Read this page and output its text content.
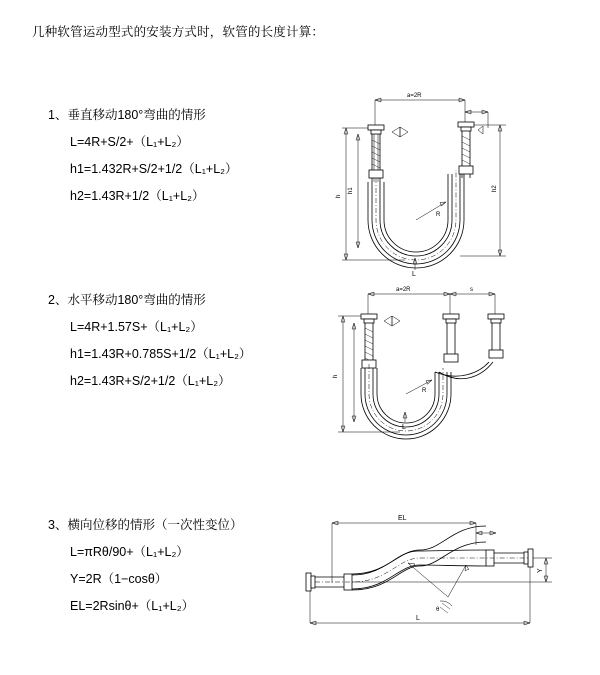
几种软管运动型式的安装方式时，软管的长度计算：
1、垂直移动180°弯曲的情形
L=4R+S/2+（L₁+L₂）
h1=1.432R+S/2+1/2（L₁+L₂）
h2=1.43R+1/2（L₁+L₂）
a=2R
R
L
h
h1	h2
2、水平移动180°弯曲的情形
L=4R+1.57S+（L₁+L₂）
h1=1.43R+0.785S+1/2（L₁+L₂）
h2=1.43R+S/2+1/2（L₁+L₂）
a=2R	s
R
h
L
3、横向位移的情形（一次性变位）
L=πRθ/90+（L₁+L₂）
Y=2R（1−cosθ）
EL=2Rsinθ+（L₁+L₂）
EL
θ
Y
L
